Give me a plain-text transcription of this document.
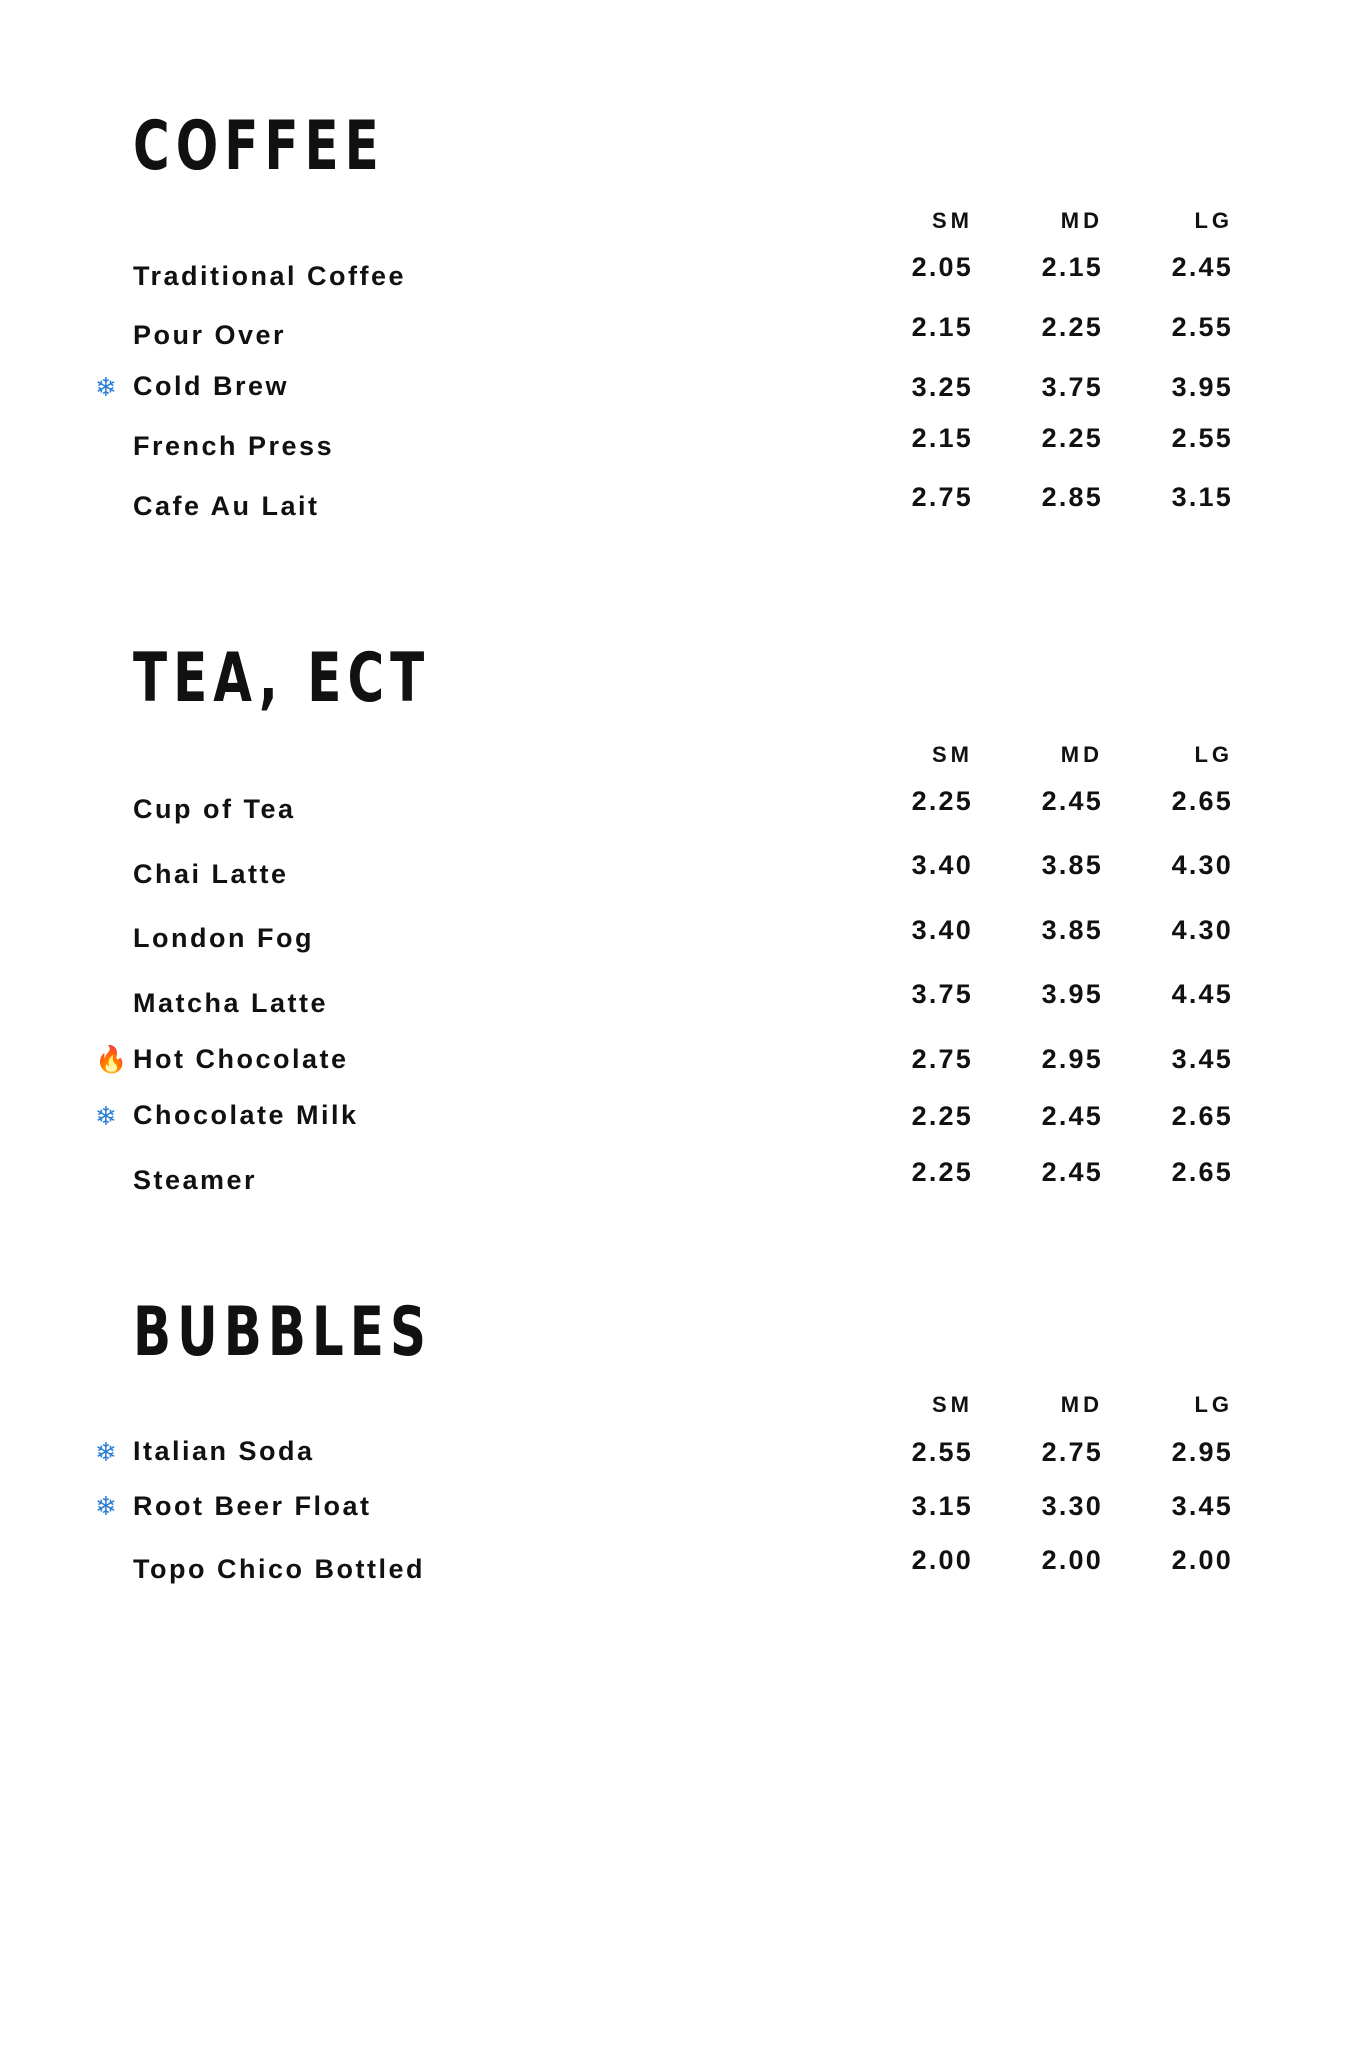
COFFEE
SM	MD	LG
Traditional Coffee	2.05	2.15	2.45
Pour Over	2.15	2.25	2.55
❄ Cold Brew	3.25	3.75	3.95
French Press	2.15	2.25	2.55
Cafe Au Lait	2.75	2.85	3.15
TEA, ECT
SM	MD	LG
Cup of Tea	2.25	2.45	2.65
Chai Latte	3.40	3.85	4.30
London Fog	3.40	3.85	4.30
Matcha Latte	3.75	3.95	4.45
🔥 Hot Chocolate	2.75	2.95	3.45
❄ Chocolate Milk	2.25	2.45	2.65
Steamer	2.25	2.45	2.65
BUBBLES
SM	MD	LG
❄ Italian Soda	2.55	2.75	2.95
❄ Root Beer Float	3.15	3.30	3.45
Topo Chico Bottled	2.00	2.00	2.00
